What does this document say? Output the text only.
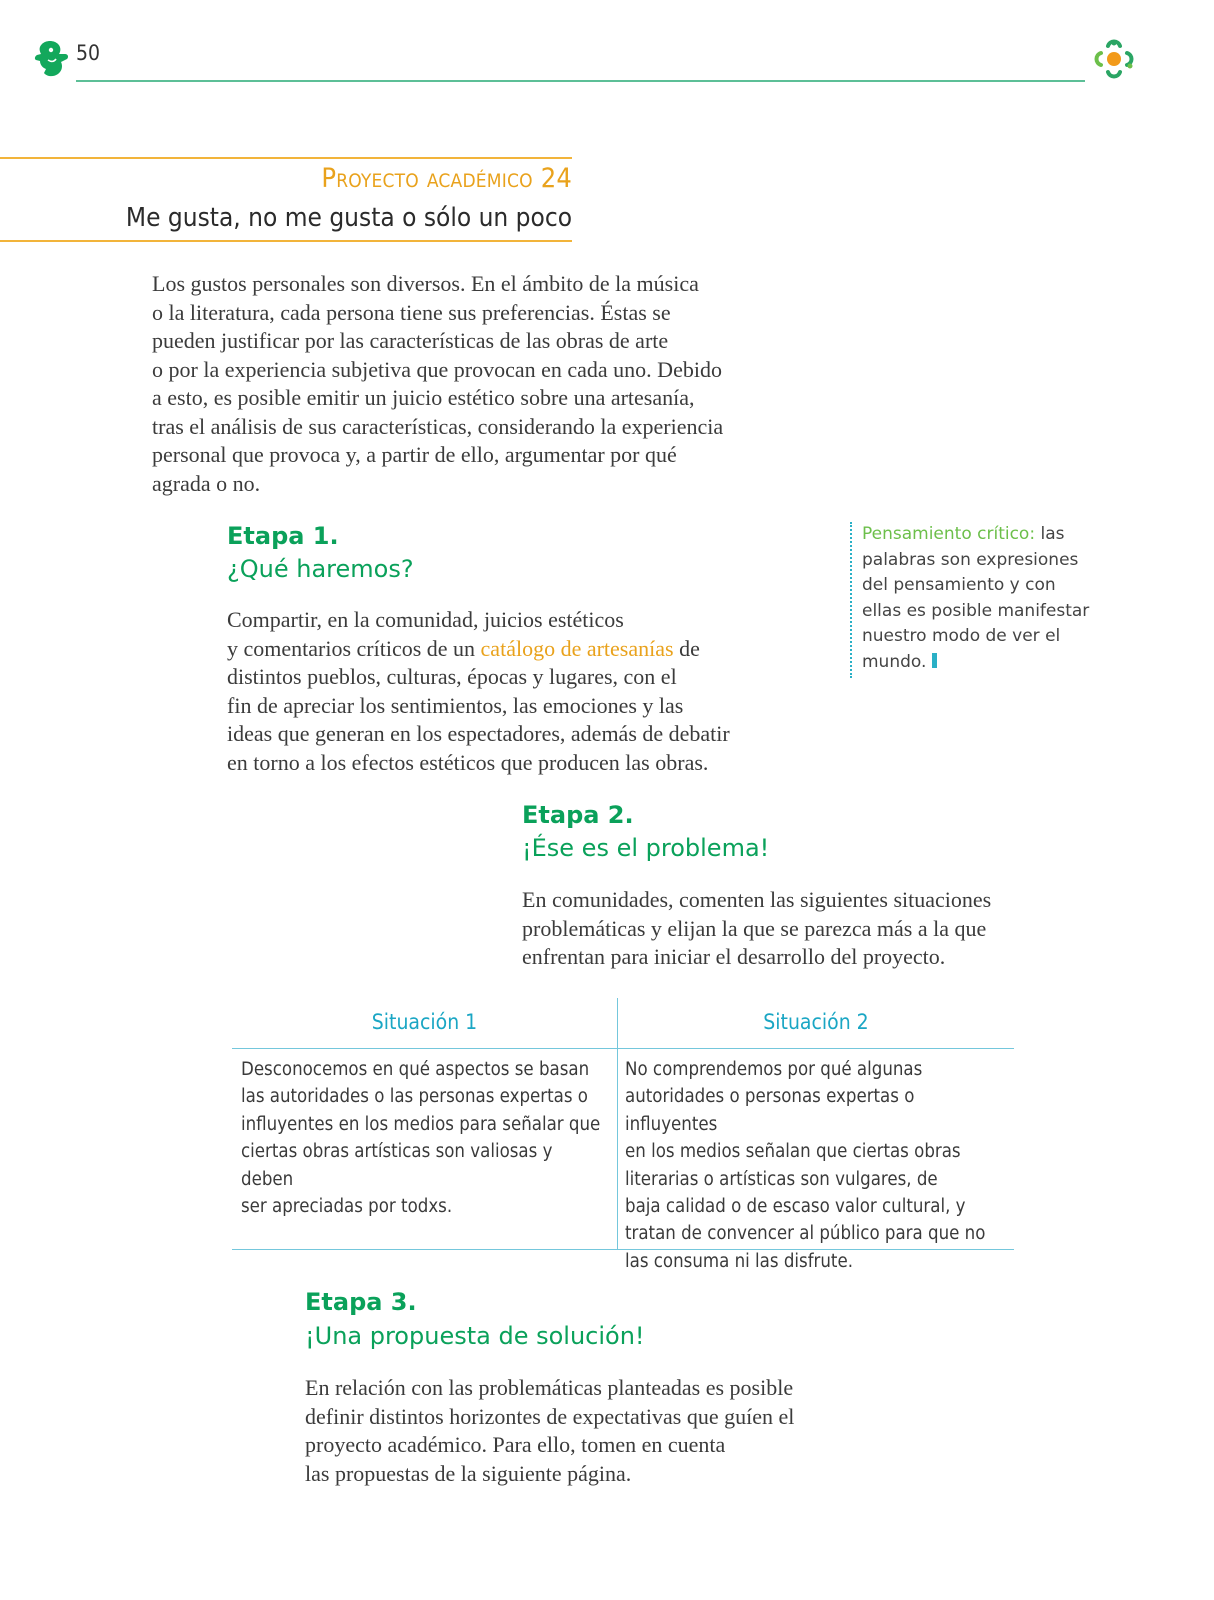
50
Proyecto académico 24
Me gusta, no me gusta o sólo un poco
Los gustos personales son diversos. En el ámbito de la música
o la literatura, cada persona tiene sus preferencias. Éstas se
pueden justificar por las características de las obras de arte
o por la experiencia subjetiva que provocan en cada uno. Debido
a esto, es posible emitir un juicio estético sobre una artesanía,
tras el análisis de sus características, considerando la experiencia
personal que provoca y, a partir de ello, argumentar por qué
agrada o no.
Etapa 1.
¿Qué haremos?
Compartir, en la comunidad, juicios estéticos
y comentarios críticos de un catálogo de artesanías de
distintos pueblos, culturas, épocas y lugares, con el
fin de apreciar los sentimientos, las emociones y las
ideas que generan en los espectadores, además de debatir
en torno a los efectos estéticos que producen las obras.
Pensamiento crítico: las
palabras son expresiones
del pensamiento y con
ellas es posible manifestar
nuestro modo de ver el
mundo.
Etapa 2.
¡Ése es el problema!
En comunidades, comenten las siguientes situaciones
problemáticas y elijan la que se parezca más a la que
enfrentan para iniciar el desarrollo del proyecto.
Situación 1	Situación 2
Desconocemos en qué aspectos se basan
las autoridades o las personas expertas o
influyentes en los medios para señalar que
ciertas obras artísticas son valiosas y deben
ser apreciadas por todxs.
No comprendemos por qué algunas
autoridades o personas expertas o influyentes
en los medios señalan que ciertas obras
literarias o artísticas son vulgares, de
baja calidad o de escaso valor cultural, y
tratan de convencer al público para que no
las consuma ni las disfrute.
Etapa 3.
¡Una propuesta de solución!
En relación con las problemáticas planteadas es posible
definir distintos horizontes de expectativas que guíen el
proyecto académico. Para ello, tomen en cuenta
las propuestas de la siguiente página.
